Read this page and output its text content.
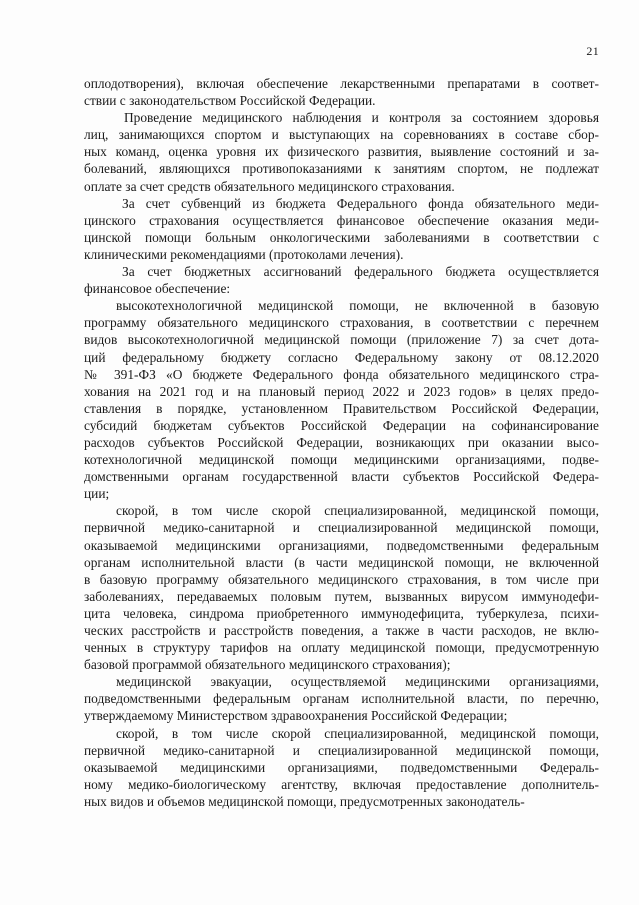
21
оплодотворения), включая обеспечение лекарственными препаратами в соответ-
ствии с законодательством Российской Федерации.
Проведение медицинского наблюдения и контроля за состоянием здоровья
лиц, занимающихся спортом и выступающих на соревнованиях в составе сбор-
ных команд, оценка уровня их физического развития, выявление состояний и за-
болеваний, являющихся противопоказаниями к занятиям спортом, не подлежат
оплате за счет средств обязательного медицинского страхования.
За счет субвенций из бюджета Федерального фонда обязательного меди-
цинского страхования осуществляется финансовое обеспечение оказания меди-
цинской помощи больным онкологическими заболеваниями в соответствии с
клиническими рекомендациями (протоколами лечения).
За счет бюджетных ассигнований федерального бюджета осуществляется
финансовое обеспечение:
высокотехнологичной медицинской помощи, не включенной в базовую
программу обязательного медицинского страхования, в соответствии с перечнем
видов высокотехнологичной медицинской помощи (приложение 7) за счет дота-
ций федеральному бюджету согласно Федеральному закону от 08.12.2020
№ 391-ФЗ «О бюджете Федерального фонда обязательного медицинского стра-
хования на 2021 год и на плановый период 2022 и 2023 годов» в целях предо-
ставления в порядке, установленном Правительством Российской Федерации,
субсидий бюджетам субъектов Российской Федерации на софинансирование
расходов субъектов Российской Федерации, возникающих при оказании высо-
котехнологичной медицинской помощи медицинскими организациями, подве-
домственными органам государственной власти субъектов Российской Федера-
ции;
скорой, в том числе скорой специализированной, медицинской помощи,
первичной медико-санитарной и специализированной медицинской помощи,
оказываемой медицинскими организациями, подведомственными федеральным
органам исполнительной власти (в части медицинской помощи, не включенной
в базовую программу обязательного медицинского страхования, в том числе при
заболеваниях, передаваемых половым путем, вызванных вирусом иммунодефи-
цита человека, синдрома приобретенного иммунодефицита, туберкулеза, психи-
ческих расстройств и расстройств поведения, а также в части расходов, не вклю-
ченных в структуру тарифов на оплату медицинской помощи, предусмотренную
базовой программой обязательного медицинского страхования);
медицинской эвакуации, осуществляемой медицинскими организациями,
подведомственными федеральным органам исполнительной власти, по перечню,
утверждаемому Министерством здравоохранения Российской Федерации;
скорой, в том числе скорой специализированной, медицинской помощи,
первичной медико-санитарной и специализированной медицинской помощи,
оказываемой медицинскими организациями, подведомственными Федераль-
ному медико-биологическому агентству, включая предоставление дополнитель-
ных видов и объемов медицинской помощи, предусмотренных законодатель-
